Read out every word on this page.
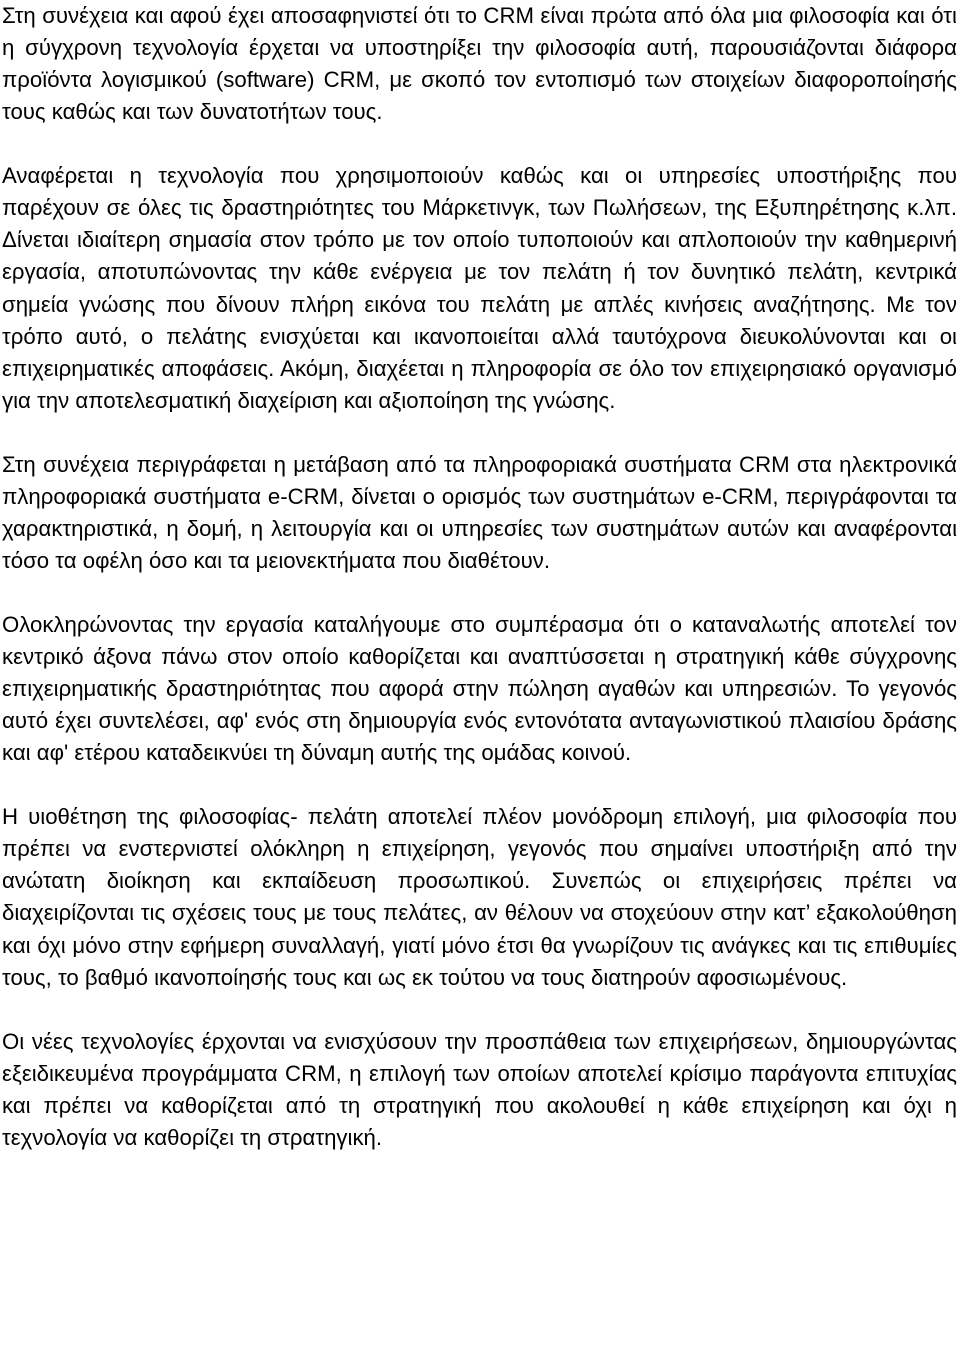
Στη συνέχεια και αφού έχει αποσαφηνιστεί ότι το CRM είναι πρώτα από όλα μια φιλοσοφία και ότι η σύγχρονη τεχνολογία έρχεται να υποστηρίξει την φιλοσοφία αυτή, παρουσιάζονται διάφορα προϊόντα λογισμικού (software) CRM, με σκοπό τον εντοπισμό των στοιχείων διαφοροποίησής τους καθώς και των δυνατοτήτων τους.

Αναφέρεται η τεχνολογία που χρησιμοποιούν καθώς και οι υπηρεσίες υποστήριξης που παρέχουν σε όλες τις δραστηριότητες του Μάρκετινγκ, των Πωλήσεων, της Εξυπηρέτησης κ.λπ. Δίνεται ιδιαίτερη σημασία στον τρόπο με τον οποίο τυποποιούν και απλοποιούν την καθημερινή εργασία, αποτυπώνοντας την κάθε ενέργεια με τον πελάτη ή τον δυνητικό πελάτη, κεντρικά σημεία γνώσης που δίνουν πλήρη εικόνα του πελάτη με απλές κινήσεις αναζήτησης. Με τον τρόπο αυτό, ο πελάτης ενισχύεται και ικανοποιείται αλλά ταυτόχρονα διευκολύνονται και οι επιχειρηματικές αποφάσεις. Ακόμη, διαχέεται η πληροφορία σε όλο τον επιχειρησιακό οργανισμό για την αποτελεσματική διαχείριση και αξιοποίηση της γνώσης.

Στη συνέχεια περιγράφεται η μετάβαση από τα πληροφοριακά συστήματα CRM στα ηλεκτρονικά πληροφοριακά συστήματα e-CRM, δίνεται ο ορισμός των συστημάτων e-CRM, περιγράφονται τα χαρακτηριστικά, η δομή, η λειτουργία και οι υπηρεσίες των συστημάτων αυτών και αναφέρονται τόσο τα οφέλη όσο και τα μειονεκτήματα που διαθέτουν.

Ολοκληρώνοντας την εργασία καταλήγουμε στο συμπέρασμα ότι ο καταναλωτής αποτελεί τον κεντρικό άξονα πάνω στον οποίο καθορίζεται και αναπτύσσεται η στρατηγική κάθε σύγχρονης επιχειρηματικής δραστηριότητας που αφορά στην πώληση αγαθών και υπηρεσιών. Το γεγονός αυτό έχει συντελέσει, αφ' ενός στη δημιουργία ενός εντονότατα ανταγωνιστικού πλαισίου δράσης και αφ' ετέρου καταδεικνύει τη δύναμη αυτής της ομάδας κοινού.

Η υιοθέτηση της φιλοσοφίας- πελάτη αποτελεί πλέον μονόδρομη επιλογή, μια φιλοσοφία που πρέπει να ενστερνιστεί ολόκληρη η επιχείρηση, γεγονός που σημαίνει υποστήριξη από την ανώτατη διοίκηση και εκπαίδευση προσωπικού. Συνεπώς οι επιχειρήσεις πρέπει να διαχειρίζονται τις σχέσεις τους με τους πελάτες, αν θέλουν να στοχεύουν στην κατ’ εξακολούθηση και όχι μόνο στην εφήμερη συναλλαγή, γιατί μόνο έτσι θα γνωρίζουν τις ανάγκες και τις επιθυμίες τους, το βαθμό ικανοποίησής τους και ως εκ τούτου να τους διατηρούν αφοσιωμένους.

Οι νέες τεχνολογίες έρχονται να ενισχύσουν την προσπάθεια των επιχειρήσεων, δημιουργώντας εξειδικευμένα προγράμματα CRM, η επιλογή των οποίων αποτελεί κρίσιμο παράγοντα επιτυχίας και πρέπει να καθορίζεται από τη στρατηγική που ακολουθεί η κάθε επιχείρηση και όχι η τεχνολογία να καθορίζει τη στρατηγική.
